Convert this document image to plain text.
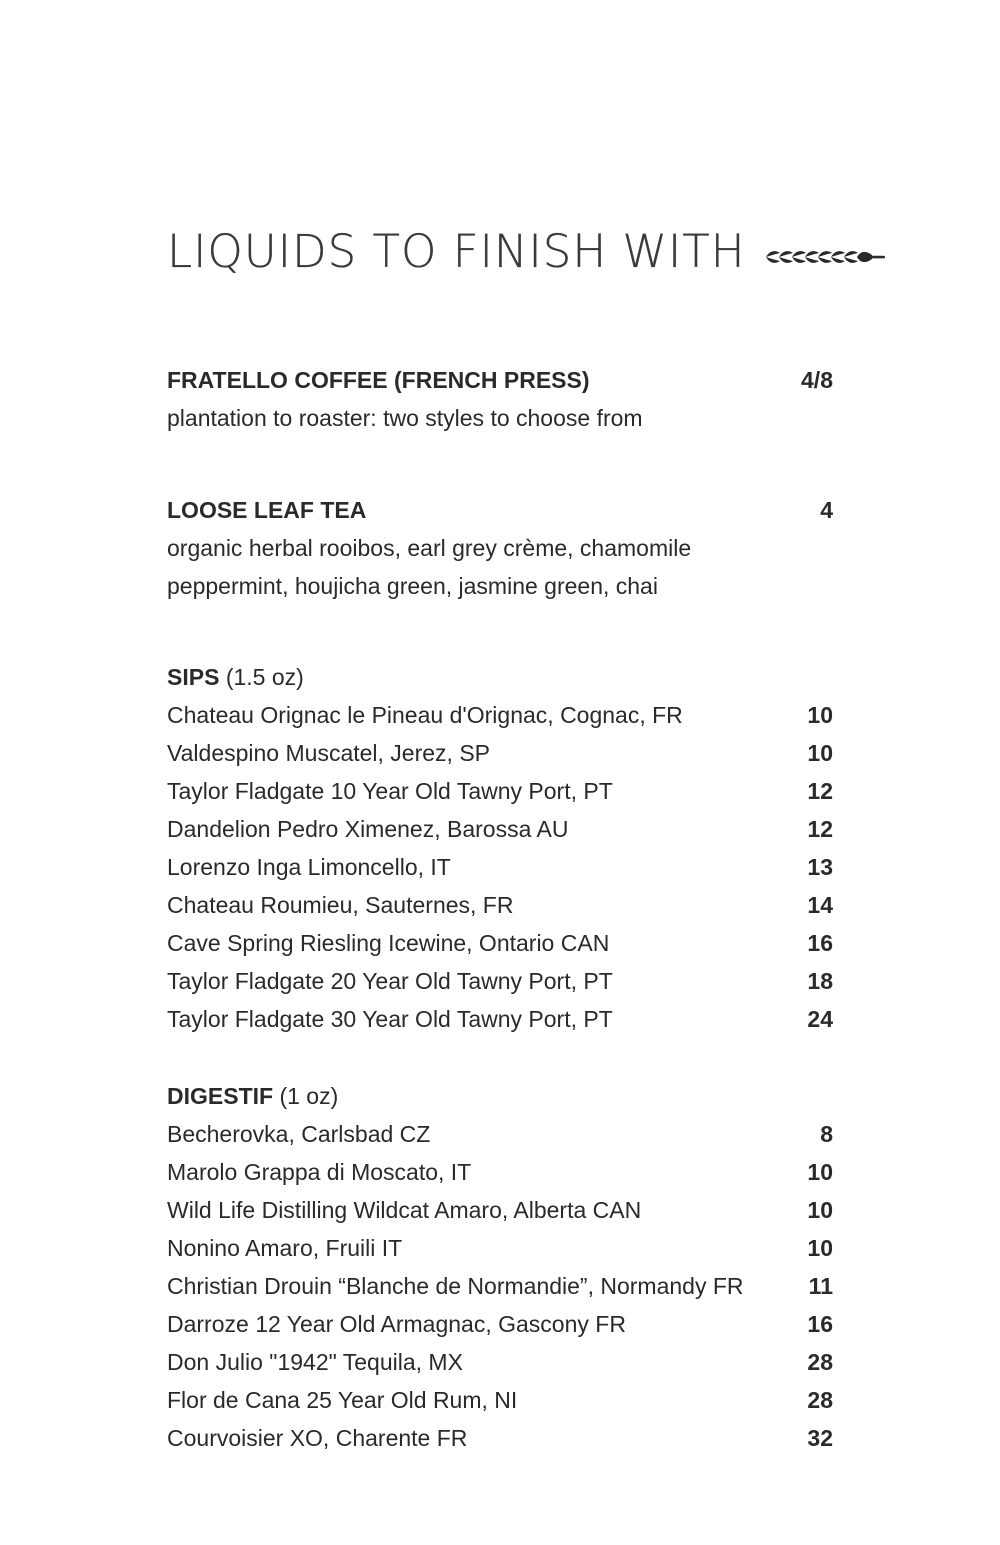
LIQUIDS TO FINISH WITH
FRATELLO COFFEE (FRENCH PRESS)	4/8
plantation to roaster: two styles to choose from
LOOSE LEAF TEA	4
organic herbal rooibos, earl grey crème, chamomile
peppermint, houjicha green, jasmine green, chai
SIPS (1.5 oz)
Chateau Orignac le Pineau d'Orignac, Cognac, FR	10
Valdespino Muscatel, Jerez, SP	10
Taylor Fladgate 10 Year Old Tawny Port, PT	12
Dandelion Pedro Ximenez, Barossa AU	12
Lorenzo Inga Limoncello, IT	13
Chateau Roumieu, Sauternes, FR	14
Cave Spring Riesling Icewine, Ontario CAN	16
Taylor Fladgate 20 Year Old Tawny Port, PT	18
Taylor Fladgate 30 Year Old Tawny Port, PT	24
DIGESTIF (1 oz)
Becherovka, Carlsbad CZ	8
Marolo Grappa di Moscato, IT	10
Wild Life Distilling Wildcat Amaro, Alberta CAN	10
Nonino Amaro, Fruili IT	10
Christian Drouin “Blanche de Normandie”, Normandy FR	11
Darroze 12 Year Old Armagnac, Gascony FR	16
Don Julio "1942" Tequila, MX	28
Flor de Cana 25 Year Old Rum, NI	28
Courvoisier XO, Charente FR	32
